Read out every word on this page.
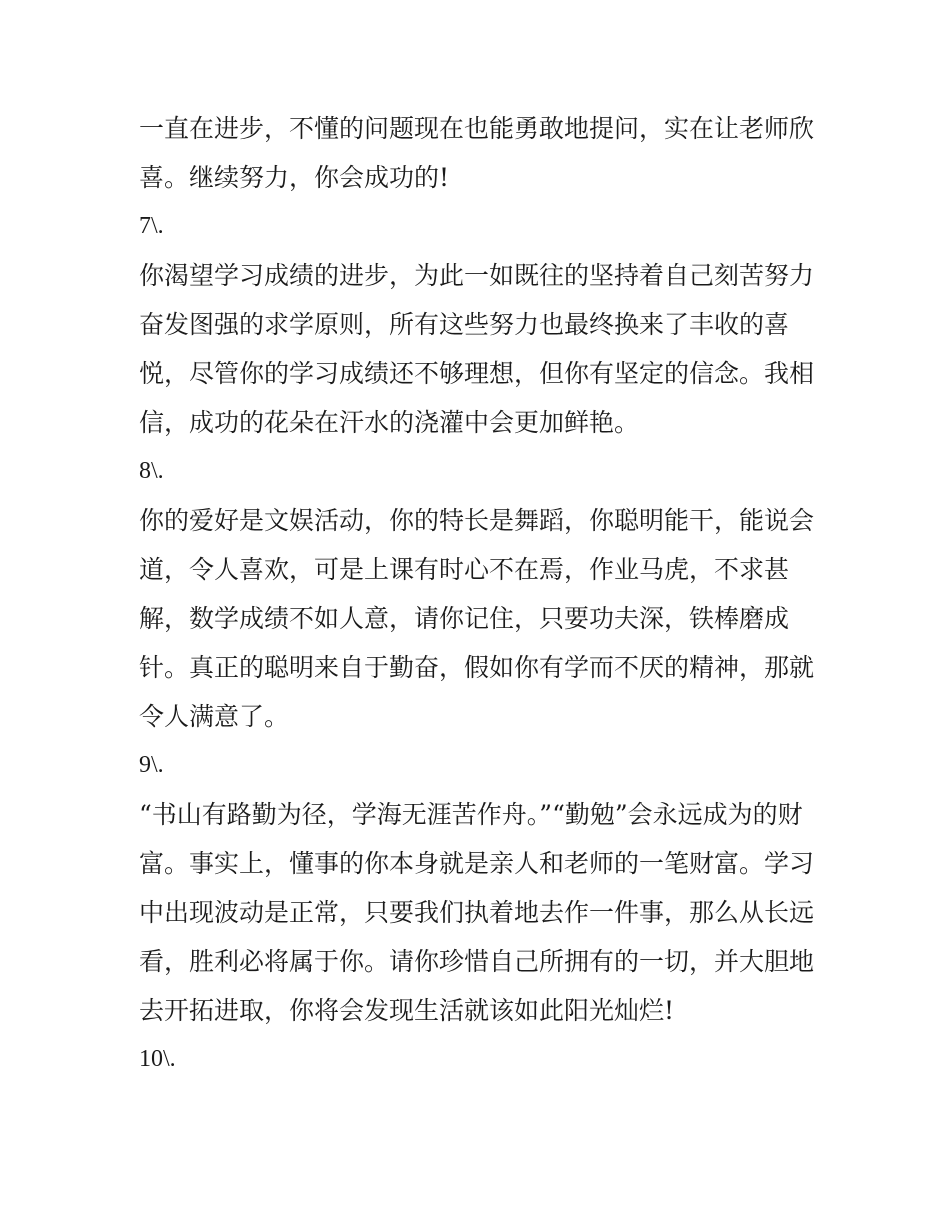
一直在进步，不懂的问题现在也能勇敢地提问，实在让老师欣
喜。继续努力，你会成功的!
7\.
你渴望学习成绩的进步，为此一如既往的坚持着自己刻苦努力
奋发图强的求学原则，所有这些努力也最终换来了丰收的喜
悦，尽管你的学习成绩还不够理想，但你有坚定的信念。我相
信，成功的花朵在汗水的浇灌中会更加鲜艳。
8\.
你的爱好是文娱活动，你的特长是舞蹈，你聪明能干，能说会
道，令人喜欢，可是上课有时心不在焉，作业马虎，不求甚
解，数学成绩不如人意，请你记住，只要功夫深，铁棒磨成
针。真正的聪明来自于勤奋，假如你有学而不厌的精神，那就
令人满意了。
9\.
“书山有路勤为径，学海无涯苦作舟。”“勤勉”会永远成为的财
富。事实上，懂事的你本身就是亲人和老师的一笔财富。学习
中出现波动是正常，只要我们执着地去作一件事，那么从长远
看，胜利必将属于你。请你珍惜自己所拥有的一切，并大胆地
去开拓进取，你将会发现生活就该如此阳光灿烂!
10\.
